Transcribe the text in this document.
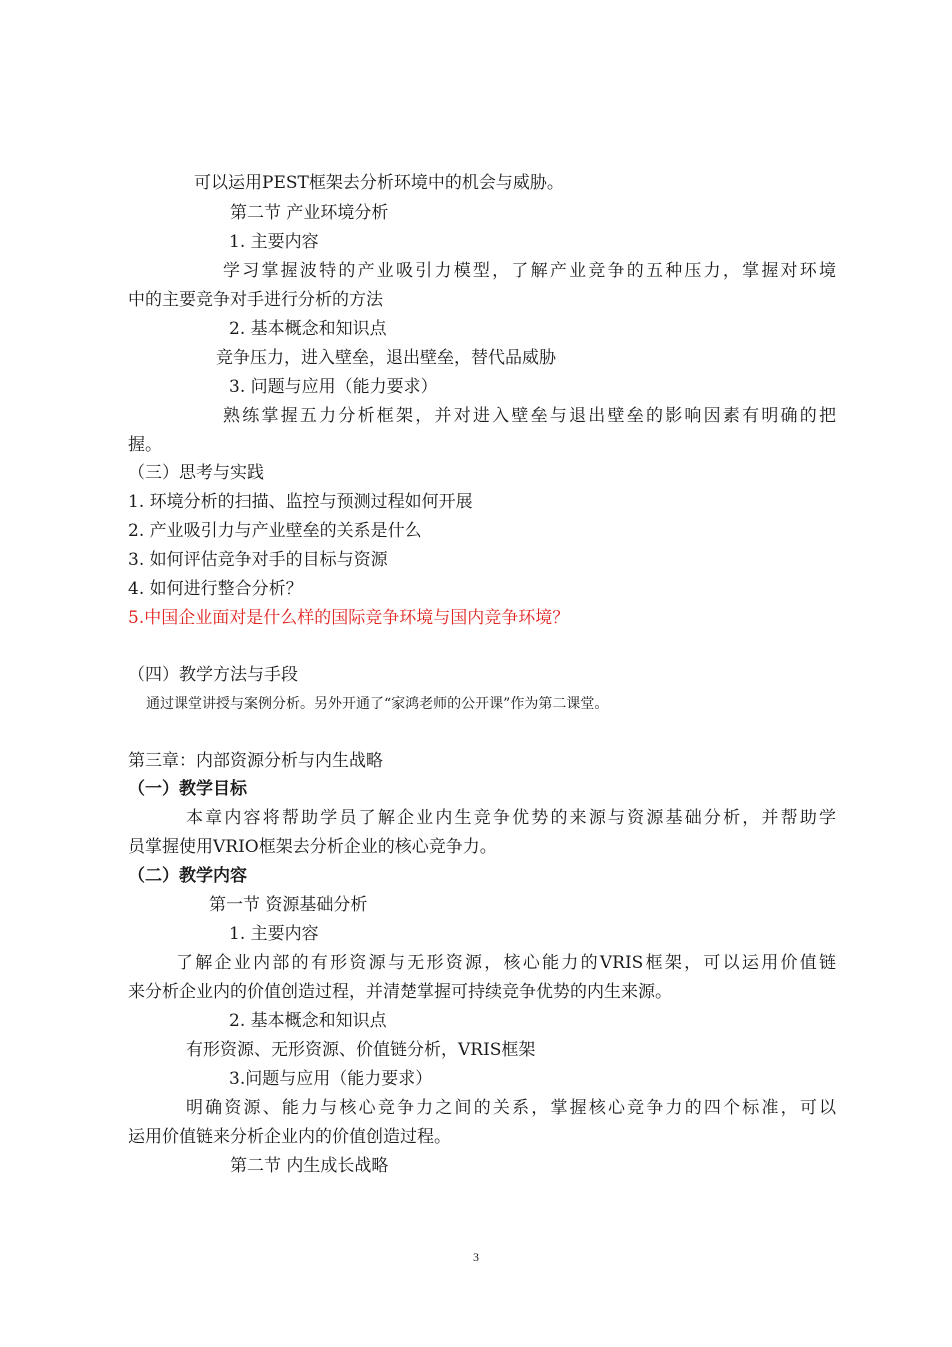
可以运用PEST框架去分析环境中的机会与威胁。
第二节 产业环境分析
1. 主要内容
学习掌握波特的产业吸引力模型，了解产业竞争的五种压力，掌握对环境
中的主要竞争对手进行分析的方法
2. 基本概念和知识点
竞争压力，进入壁垒，退出壁垒，替代品威胁
3. 问题与应用（能力要求）
熟练掌握五力分析框架，并对进入壁垒与退出壁垒的影响因素有明确的把
握。
（三）思考与实践
1. 环境分析的扫描、监控与预测过程如何开展
2. 产业吸引力与产业壁垒的关系是什么
3. 如何评估竞争对手的目标与资源
4. 如何进行整合分析？
5.中国企业面对是什么样的国际竞争环境与国内竞争环境？
（四）教学方法与手段
通过课堂讲授与案例分析。另外开通了“家鸿老师的公开课”作为第二课堂。
第三章：内部资源分析与内生战略
（一）教学目标
本章内容将帮助学员了解企业内生竞争优势的来源与资源基础分析，并帮助学
员掌握使用VRIO框架去分析企业的核心竞争力。
（二）教学内容
第一节 资源基础分析
1. 主要内容
了解企业内部的有形资源与无形资源，核心能力的VRIS框架，可以运用价值链
来分析企业内的价值创造过程，并清楚掌握可持续竞争优势的内生来源。
2. 基本概念和知识点
有形资源、无形资源、价值链分析，VRIS框架
3.问题与应用（能力要求）
明确资源、能力与核心竞争力之间的关系，掌握核心竞争力的四个标准，可以
运用价值链来分析企业内的价值创造过程。
第二节 内生成长战略
3
